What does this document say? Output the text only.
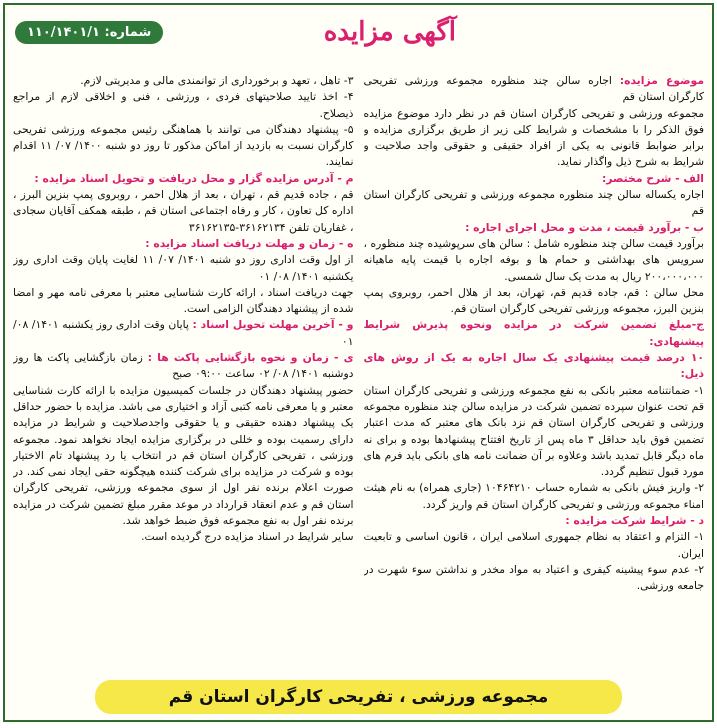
آگهی مزایده
شماره: ۱۱۰/۱۴۰۱/۱

موضوع مزایده: اجاره سالن چند منظوره مجموعه ورزشی تفریحی کارگران استان قم

مجموعه ورزشی و تفریحی کارگران استان قم در نظر دارد موضوع مزایده فوق الذکر را با مشخصات و شرایط کلی زیر از طریق برگزاری مزایده و برابر ضوابط قانونی به یکی از افراد حقیقی و حقوقی واجد صلاحیت و شرایط به شرح ذیل واگذار نماید.

الف - شرح مختصر:

اجاره یکساله سالن چند منظوره مجموعه ورزشی و تفریحی کارگران استان قم

ب - برآورد قیمت ، مدت و محل اجرای اجاره :

برآورد قیمت سالن چند منظوره شامل : سالن های سرپوشیده چند منظوره ، سرویس های بهداشتی و حمام ها و بوفه اجاره با قیمت پایه ماهیانه ۲۰۰،۰۰۰،۰۰۰ ریال به مدت یک سال شمسی.

محل سالن : قم، جاده قدیم قم، تهران، بعد از هلال احمر، روبروی پمپ بنزین البرز، مجموعه ورزشی تفریحی کارگران استان قم.

ج-مبلغ تضمین شرکت در مزایده ونحوه پذیرش شرایط پیشنهادی:

۱۰ درصد قیمت پیشنهادی یک سال اجاره به یک از روش های ذیل:

۱- ضمانتنامه معتبر بانکی به نفع مجموعه ورزشی و تفریحی کارگران استان قم تحت عنوان سپرده تضمین شرکت در مزایده سالن چند منظوره مجموعه ورزشی و تفریحی کارگران استان قم نزد بانک های معتبر که مدت اعتبار تضمین فوق باید حداقل ۳ ماه پس از تاریخ افتتاح پیشنهادها بوده و برای نه ماه دیگر قابل تمدید باشد وعلاوه بر آن ضمانت نامه های بانکی باید فرم های مورد قبول تنظیم گردد.

۲- واریز فیش بانکی به شماره حساب ۱۰۴۶۴۲۱۰ (جاری همراه) به نام هیئت امناء مجموعه ورزشی و تفریحی کارگران استان قم واریز گردد.

د - شرایط شرکت مزایده :

۱- التزام و اعتقاد به نظام جمهوری اسلامی ایران ، قانون اساسی و تابعیت ایران.

۲- عدم سوء پیشینه کیفری و اعتیاد به مواد مخدر و نداشتن سوء شهرت در جامعه ورزشی.

۳- تاهل ، تعهد و برخورداری از توانمندی مالی و مدیریتی لازم.

۴- اخذ تایید صلاحیتهای فردی ، ورزشی ، فنی و اخلاقی لازم از مراجع ذیصلاح.

۵- پیشنهاد دهندگان می توانند با هماهنگی رئیس مجموعه ورزشی تفریحی کارگران نسبت به بازدید از اماکن مذکور تا روز دو شنبه ۱۴۰۰/ ۰۷/ ۱۱ اقدام نمایند.

م - آدرس مزایده گزار و محل دریافت و تحویل اسناد مزایده :

قم ، جاده قدیم قم ، تهران ، بعد از هلال احمر ، روبروی پمپ بنزین البرز ، اداره کل تعاون ، کار و رفاه اجتماعی استان قم ، طبقه همکف آقایان سجادی ، غفاریان تلفن ۳۶۱۶۲۱۳۴-۳۶۱۶۲۱۳۵

ه - زمان و مهلت دریافت اسناد مزایده :

از اول وقت اداری روز دو شنبه ۱۴۰۱/ ۰۷/ ۱۱ لغایت پایان وقت اداری روز یکشنبه ۱۴۰۱/ ۰۸/ ۰۱

جهت دریافت اسناد ، ارائه کارت شناسایی معتبر با معرفی نامه مهر و امضا شده از پیشنهاد دهندگان الزامی است.

و - آخرین مهلت تحویل اسناد : پایان وقت اداری روز یکشنبه ۱۴۰۱/ ۰۸/ ۰۱

ی - زمان و نحوه بازگشایی پاکت ها : زمان بازگشایی پاکت ها روز دوشنبه ۱۴۰۱/ ۰۸/ ۰۲ ساعت ۰۹:۰۰ صبح

حضور پیشنهاد دهندگان در جلسات کمیسیون مزایده با ارائه کارت شناسایی معتبر و یا معرفی نامه کتبی آزاد و اختیاری می باشد. مزایده با حضور حداقل یک پیشنهاد دهنده حقیقی و یا حقوقی واجدصلاحیت و شرایط در مزایده دارای رسمیت بوده و خللی در برگزاری مزایده ایجاد نخواهد نمود. مجموعه ورزشی ، تفریحی کارگران استان قم در انتخاب یا رد پیشنهاد تام الاختیار بوده و شرکت در مزایده برای شرکت کننده هیچگونه حقی ایجاد نمی کند. در صورت اعلام برنده نفر اول از سوی مجموعه ورزشی، تفریحی کارگران استان قم و عدم انعقاد قرارداد در موعد مقرر مبلغ تضمین شرکت در مزایده برنده نفر اول به نفع مجموعه فوق ضبط خواهد شد.

سایر شرایط در اسناد مزایده درج گردیده است.

مجموعه ورزشی ، تفریحی کارگران استان قم
